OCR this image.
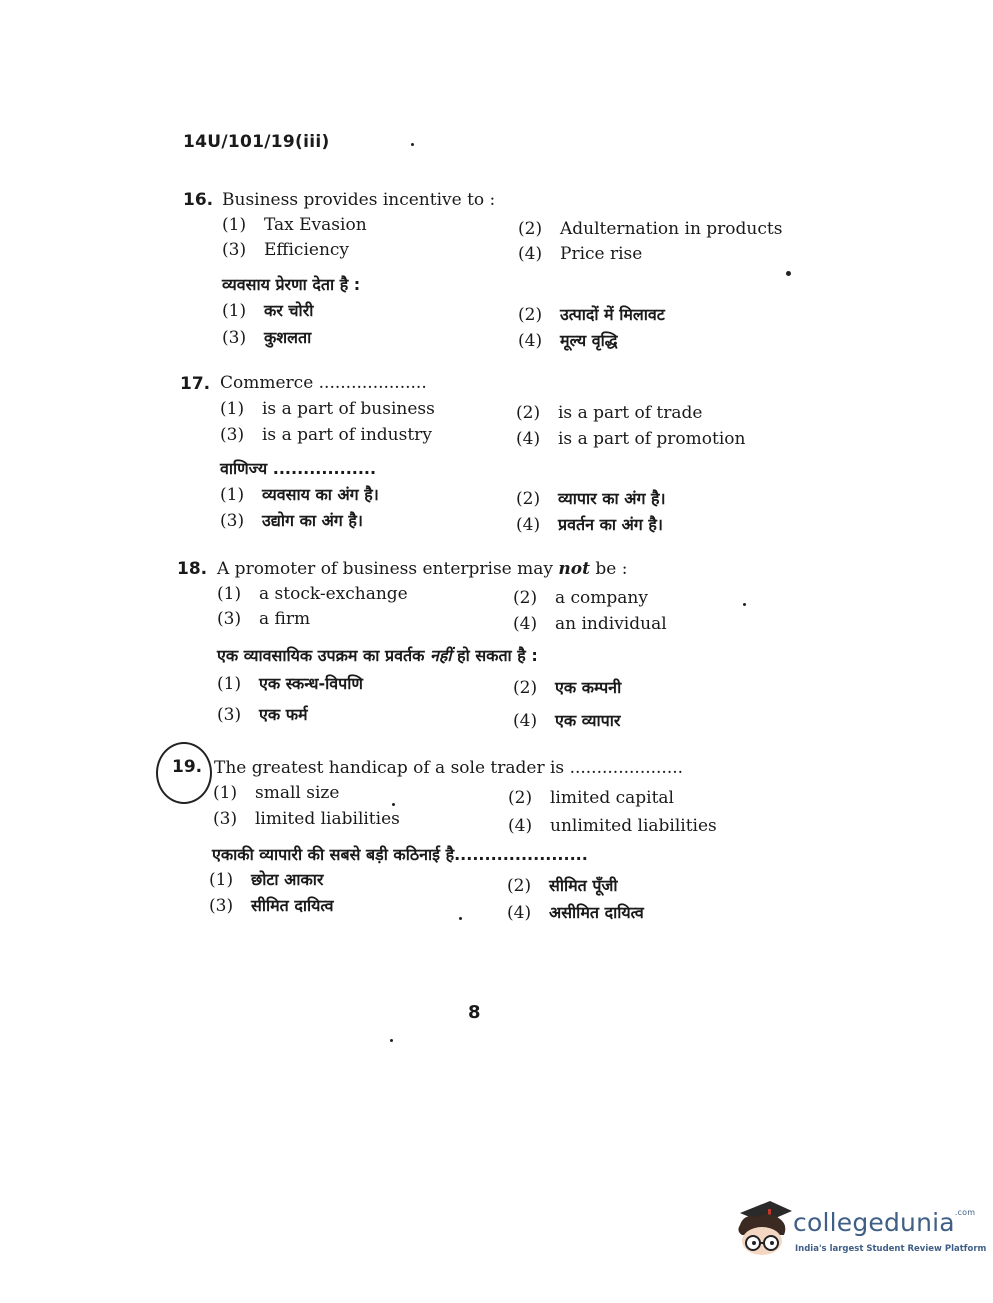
14U/101/19(iii)
16. Business provides incentive to :
(1) Tax Evasion	(2) Adulternation in products
(3) Efficiency	(4) Price rise
व्यवसाय प्रेरणा देता है :
(1) कर चोरी	(2) उत्पादों में मिलावट
(3) कुशलता	(4) मूल्य वृद्धि
17. Commerce ....................
(1) is a part of business	(2) is a part of trade
(3) is a part of industry	(4) is a part of promotion
वाणिज्य .................
(1) व्यवसाय का अंग है।	(2) व्यापार का अंग है।
(3) उद्योग का अंग है।	(4) प्रवर्तन का अंग है।
18. A promoter of business enterprise may not be :
(1) a stock-exchange	(2) a company
(3) a firm	(4) an individual
एक व्यावसायिक उपक्रम का प्रवर्तक नहीं हो सकता है :
(1) एक स्कन्ध-विपणि	(2) एक कम्पनी
(3) एक फर्म	(4) एक व्यापार
19. The greatest handicap of a sole trader is .....................
(1) small size	(2) limited capital
(3) limited liabilities	(4) unlimited liabilities
एकाकी व्यापारी की सबसे बड़ी कठिनाई है......................
(1) छोटा आकार	(2) सीमित पूँजी
(3) सीमित दायित्व	(4) असीमित दायित्व
8
collegedunia$^{.com}$
India's largest Student Review Platform
